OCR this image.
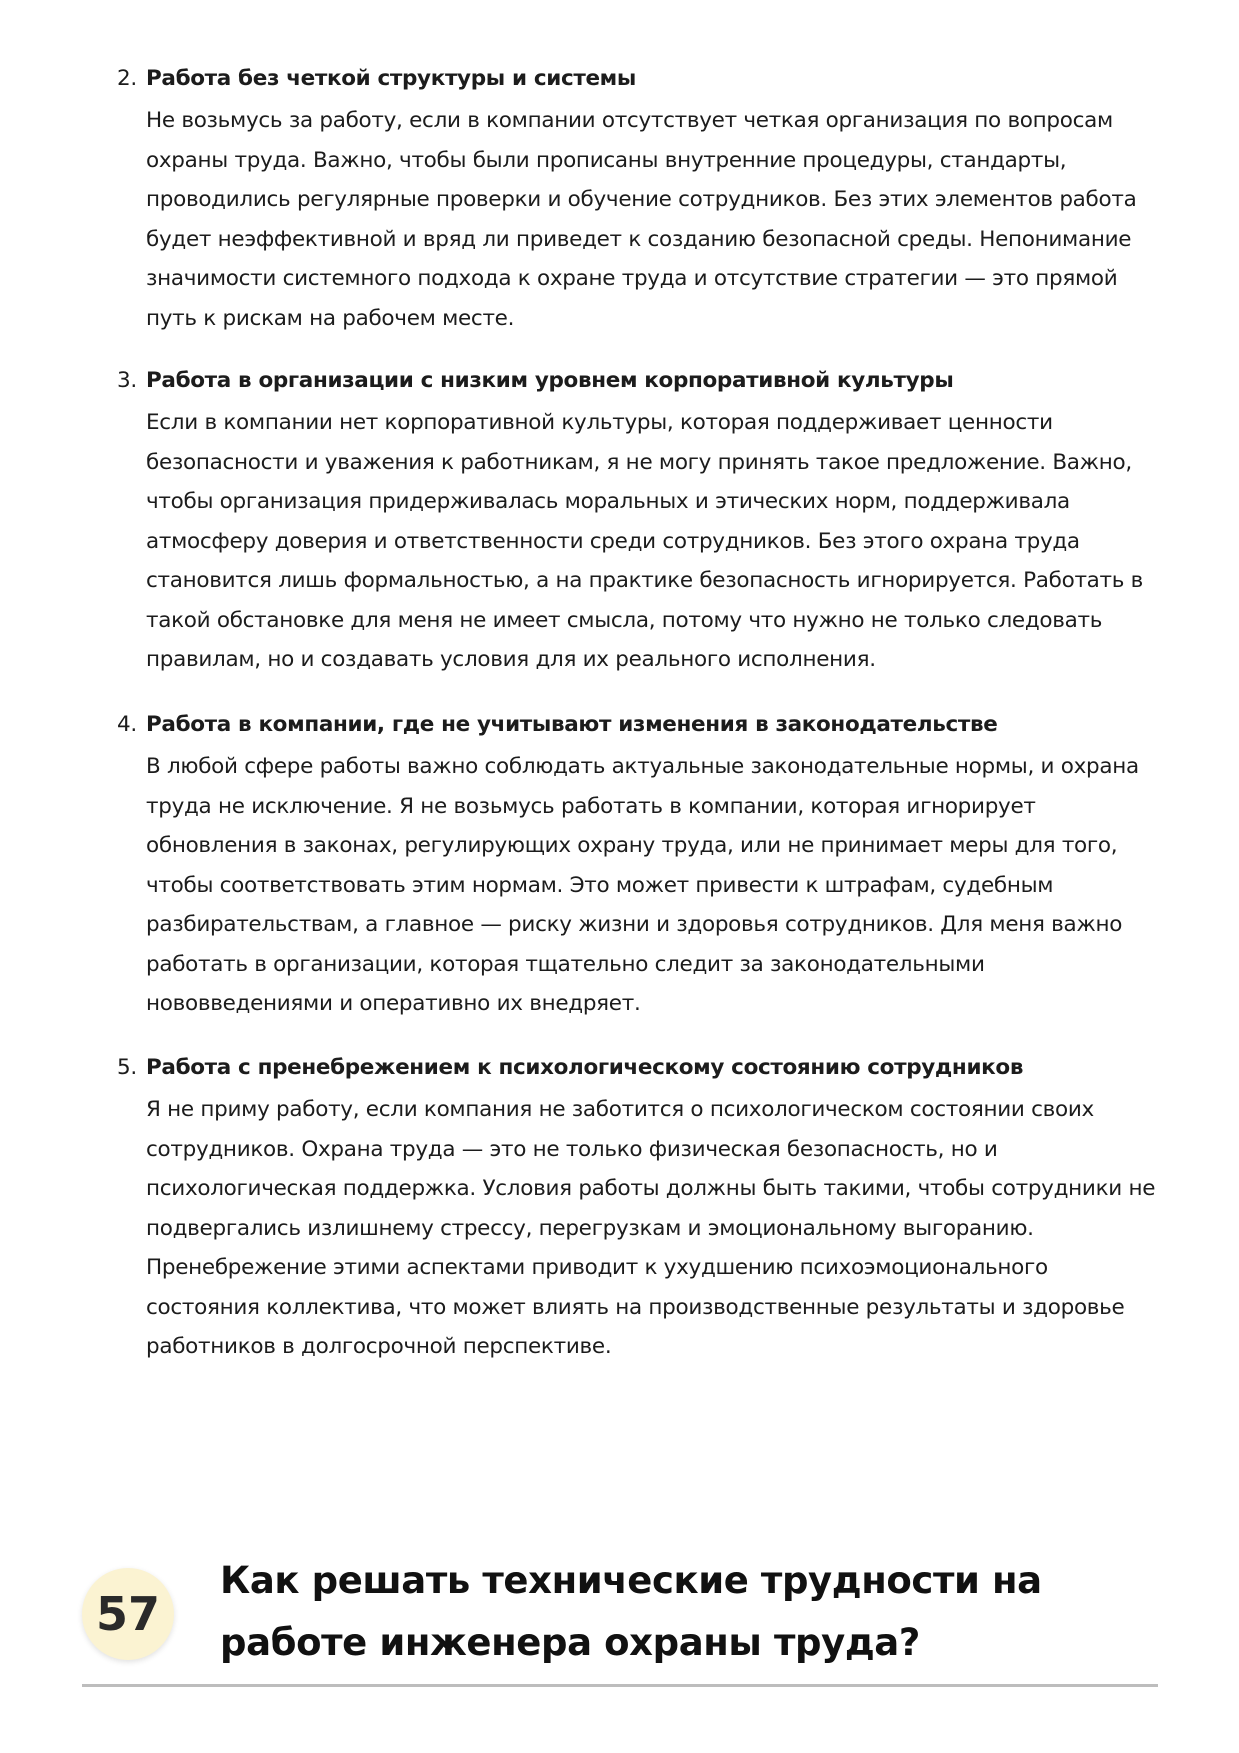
2. Работа без четкой структуры и системы
Не возьмусь за работу, если в компании отсутствует четкая организация по вопросам охраны труда. Важно, чтобы были прописаны внутренние процедуры, стандарты, проводились регулярные проверки и обучение сотрудников. Без этих элементов работа будет неэффективной и вряд ли приведет к созданию безопасной среды. Непонимание значимости системного подхода к охране труда и отсутствие стратегии — это прямой путь к рискам на рабочем месте.
3. Работа в организации с низким уровнем корпоративной культуры
Если в компании нет корпоративной культуры, которая поддерживает ценности безопасности и уважения к работникам, я не могу принять такое предложение. Важно, чтобы организация придерживалась моральных и этических норм, поддерживала атмосферу доверия и ответственности среди сотрудников. Без этого охрана труда становится лишь формальностью, а на практике безопасность игнорируется. Работать в такой обстановке для меня не имеет смысла, потому что нужно не только следовать правилам, но и создавать условия для их реального исполнения.
4. Работа в компании, где не учитывают изменения в законодательстве
В любой сфере работы важно соблюдать актуальные законодательные нормы, и охрана труда не исключение. Я не возьмусь работать в компании, которая игнорирует обновления в законах, регулирующих охрану труда, или не принимает меры для того, чтобы соответствовать этим нормам. Это может привести к штрафам, судебным разбирательствам, а главное — риску жизни и здоровья сотрудников. Для меня важно работать в организации, которая тщательно следит за законодательными нововведениями и оперативно их внедряет.
5. Работа с пренебрежением к психологическому состоянию сотрудников
Я не приму работу, если компания не заботится о психологическом состоянии своих сотрудников. Охрана труда — это не только физическая безопасность, но и психологическая поддержка. Условия работы должны быть такими, чтобы сотрудники не подвергались излишнему стрессу, перегрузкам и эмоциональному выгоранию. Пренебрежение этими аспектами приводит к ухудшению психоэмоционального состояния коллектива, что может влиять на производственные результаты и здоровье работников в долгосрочной перспективе.
57
Как решать технические трудности на работе инженера охраны труда?
